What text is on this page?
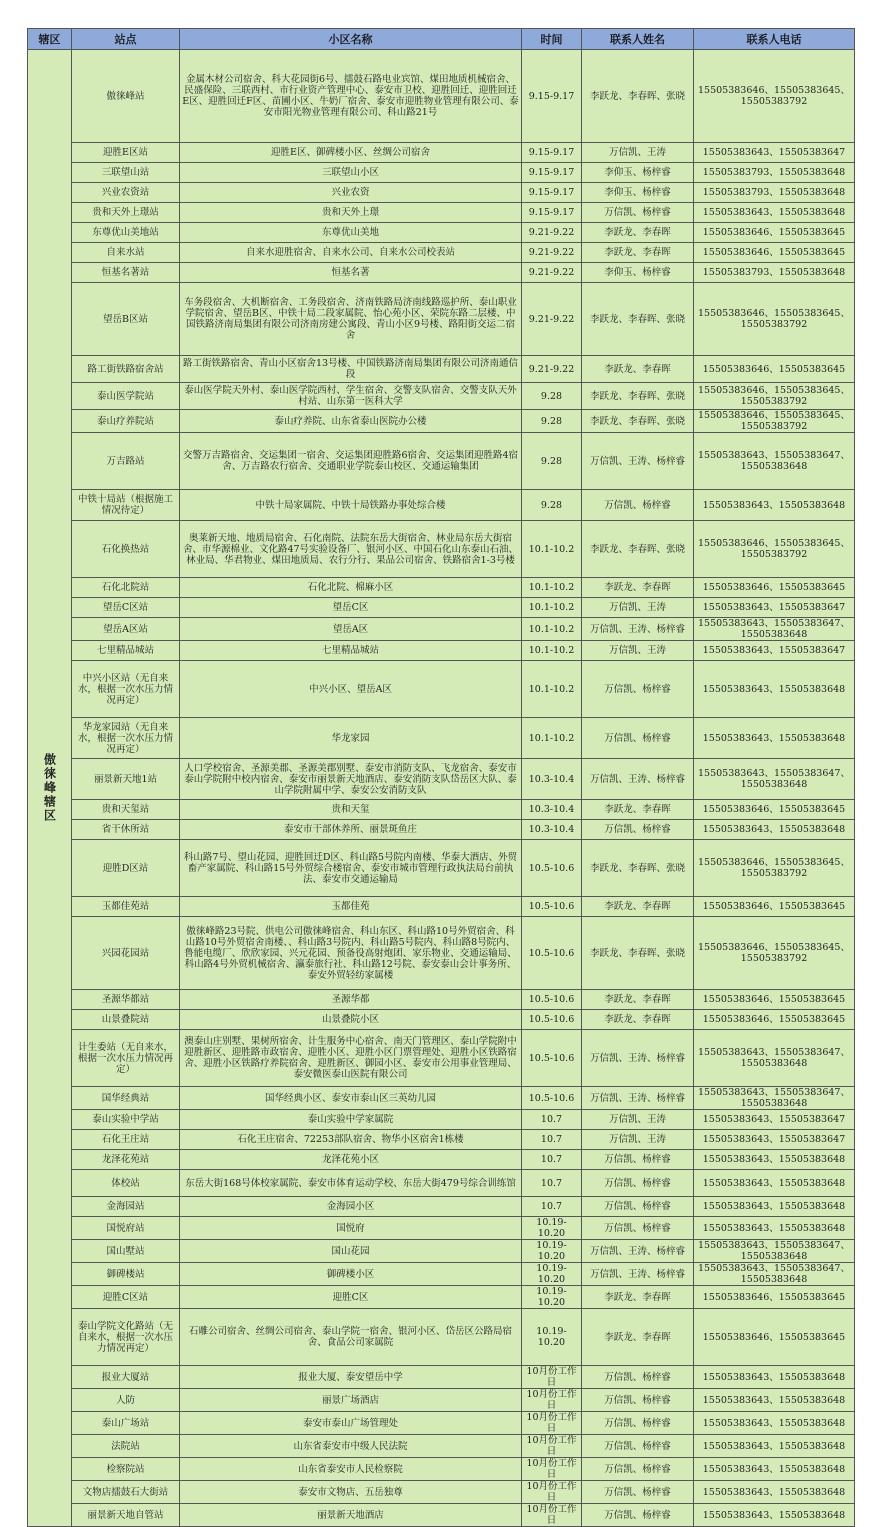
辖区	站点	小区名称	时间	联系人姓名	联系人电话
傲徕峰辖区	傲徕峰站	金属木材公司宿舍、科大花园街6号、擂鼓石路电业宾馆、煤田地质机械宿舍、民盛保险、三联西村、市行业资产管理中心、泰安市卫校、迎胜回迁、迎胜回迁E区、迎胜回迁F区、苗圃小区、牛奶厂宿舍、泰安市迎胜物业管理有限公司、泰安市阳光物业管理有限公司、科山路21号	9.15-9.17	李跃龙、李春晖、张晓	15505383646、15505383645、15505383792
	迎胜E区站	迎胜E区、御碑楼小区、丝绸公司宿舍	9.15-9.17	万信凯、王涛	15505383643、15505383647
	三联望山站	三联望山小区	9.15-9.17	李仰玉、杨梓睿	15505383793、15505383648
	兴业农资站	兴业农资	9.15-9.17	李仰玉、杨梓睿	15505383793、15505383648
	贵和天外上璟站	贵和天外上璟	9.15-9.17	万信凯、杨梓睿	15505383643、15505383648
	东尊优山美地站	东尊优山美地	9.21-9.22	李跃龙、李春晖	15505383646、15505383645
	自来水站	自来水迎胜宿舍、自来水公司、自来水公司校表站	9.21-9.22	李跃龙、李春晖	15505383646、15505383645
	恒基名著站	恒基名著	9.21-9.22	李仰玉、杨梓睿	15505383793、15505383648
	望岳B区站	车务段宿舍、大机断宿舍、工务段宿舍、济南铁路局济南线路巡护所、泰山职业学院宿舍、望岳B区、中铁十局二段家属院、怡心苑小区、荣院东路二层楼、中国铁路济南局集团有限公司济南房建公寓段、青山小区9号楼、路阳街交运二宿舍	9.21-9.22	李跃龙、李春晖、张晓	15505383646、15505383645、15505383792
	路工街铁路宿舍站	路工街铁路宿舍、青山小区宿舍13号楼、中国铁路济南局集团有限公司济南通信段	9.21-9.22	李跃龙、李春晖	15505383646、15505383645
	泰山医学院站	泰山医学院天外村、泰山医学院西村、学生宿舍、交警支队宿舍、交警支队天外村站、山东第一医科大学	9.28	李跃龙、李春晖、张晓	15505383646、15505383645、15505383792
	泰山疗养院站	泰山疗养院、山东省泰山医院办公楼	9.28	李跃龙、李春晖、张晓	15505383646、15505383645、15505383792
	万吉路站	交警万吉路宿舍、交运集团一宿舍、交运集团迎胜路6宿舍、交运集团迎胜路4宿舍、万吉路农行宿舍、交通职业学院泰山校区、交通运输集团	9.28	万信凯、王涛、杨梓睿	15505383643、15505383647、15505383648
	中铁十局站（根据施工情况待定）	中铁十局家属院、中铁十局铁路办事处综合楼	9.28	万信凯、杨梓睿	15505383643、15505383648
	石化换热站	奥莱新天地、地质局宿舍、石化南院、法院东岳大街宿舍、林业局东岳大街宿舍、市华源棉业、文化路47号实验设备厂、银河小区、中国石化山东泰山石油、林业局、华君物业、煤田地质局、农行分行、果品公司宿舍、铁路宿舍1-3号楼	10.1-10.2	李跃龙、李春晖、张晓	15505383646、15505383645、15505383792
	石化北院站	石化北院、棉麻小区	10.1-10.2	李跃龙、李春晖	15505383646、15505383645
	望岳C区站	望岳C区	10.1-10.2	万信凯、王涛	15505383643、15505383647
	望岳A区站	望岳A区	10.1-10.2	万信凯、王涛、杨梓睿	15505383643、15505383647、15505383648
	七里精品城站	七里精品城站	10.1-10.2	万信凯、王涛	15505383643、15505383647
	中兴小区站（无自来水，根据一次水压力情况再定）	中兴小区、望岳A区	10.1-10.2	万信凯、杨梓睿	15505383643、15505383648
	华龙家园站（无自来水，根据一次水压力情况再定）	华龙家园	10.1-10.2	万信凯、杨梓睿	15505383643、15505383648
	丽景新天地1站	人口学校宿舍、圣源美郡、圣源美郡别墅、泰安市消防支队、飞龙宿舍、泰安市泰山学院附中校内宿舍、泰安市丽景新天地酒店、泰安消防支队岱岳区大队、泰山学院附属中学、泰安公安消防支队	10.3-10.4	万信凯、王涛、杨梓睿	15505383643、15505383647、15505383648
	贵和天玺站	贵和天玺	10.3-10.4	李跃龙、李春晖	15505383646、15505383645
	省干休所站	泰安市干部休养所、丽景斑鱼庄	10.3-10.4	万信凯、杨梓睿	15505383643、15505383648
	迎胜D区站	科山路7号、望山花园、迎胜回迁D区、科山路5号院内南楼、华泰大酒店、外贸畜产家属院、科山路15号外贸综合楼宿舍、泰安市城市管理行政执法局台前执法、泰安市交通运输局	10.5-10.6	李跃龙、李春晖、张晓	15505383646、15505383645、15505383792
	玉都佳苑站	玉都佳苑	10.5-10.6	李跃龙、李春晖	15505383646、15505383645
	兴园花园站	傲徕峰路23号院、供电公司傲徕峰宿舍、科山东区、科山路10号外贸宿舍、科山路10号外贸宿舍南楼、、科山路3号院内、科山路5号院内、科山路8号院内、鲁能电缆厂、欣欣家园、兴元花园、预备役高射炮团、家乐物业、交通运输局、科山路4号外贸机械宿舍、瀛泰旅行社、科山路12号院、泰安泰山会计事务所、泰安外贸轻纺家属楼	10.5-10.6	李跃龙、李春晖、张晓	15505383646、15505383645、15505383792
	圣源华都站	圣源华都	10.5-10.6	李跃龙、李春晖	15505383646、15505383645
	山景叠院站	山景叠院小区	10.5-10.6	李跃龙、李春晖	15505383646、15505383645
	计生委站（无自来水，根据一次水压力情况再定）	澳泰山庄别墅、果树所宿舍、计生服务中心宿舍、南天门管理区、泰山学院附中迎胜新区、迎胜路市政宿舍、迎胜小区、迎胜小区门票管理处、迎胜小区铁路宿舍、迎胜小区铁路疗养院宿舍、迎胜新区、御园小区、泰安市公用事业管理局、泰安微医泰山医院有限公司	10.5-10.6	万信凯、王涛、杨梓睿	15505383643、15505383647、15505383648
	国华经典站	国华经典小区、泰安市泰山区三英幼儿园	10.5-10.6	万信凯、王涛、杨梓睿	15505383643、15505383647、15505383648
	泰山实验中学站	泰山实验中学家属院	10.7	万信凯、王涛	15505383643、15505383647
	石化王庄站	石化王庄宿舍、72253部队宿舍、物华小区宿舍1栋楼	10.7	万信凯、王涛	15505383643、15505383647
	龙泽花苑站	龙泽花苑小区	10.7	万信凯、杨梓睿	15505383643、15505383648
	体校站	东岳大街168号体校家属院、泰安市体育运动学校、东岳大街479号综合训练馆	10.7	万信凯、杨梓睿	15505383643、15505383648
	金海园站	金海园小区	10.7	万信凯、杨梓睿	15505383643、15505383648
	国悦府站	国悦府	10.19-10.20	万信凯、杨梓睿	15505383643、15505383648
	国山墅站	国山花园	10.19-10.20	万信凯、王涛、杨梓睿	15505383643、15505383647、15505383648
	御碑楼站	御碑楼小区	10.19-10.20	万信凯、王涛、杨梓睿	15505383643、15505383647、15505383648
	迎胜C区站	迎胜C区	10.19-10.20	李跃龙、李春晖	15505383646、15505383645
	泰山学院文化路站（无自来水，根据一次水压力情况再定）	石雕公司宿舍、丝绸公司宿舍、泰山学院一宿舍、银河小区、岱岳区公路局宿舍、食品公司家属院	10.19-10.20	李跃龙、李春晖	15505383646、15505383645
	报业大厦站	报业大厦、泰安望岳中学	10月份工作日	万信凯、杨梓睿	15505383643、15505383648
	人防	丽景广场酒店	10月份工作日	万信凯、杨梓睿	15505383643、15505383648
	泰山广场站	泰安市泰山广场管理处	10月份工作日	万信凯、杨梓睿	15505383643、15505383648
	法院站	山东省泰安市中级人民法院	10月份工作日	万信凯、杨梓睿	15505383643、15505383648
	检察院站	山东省泰安市人民检察院	10月份工作日	万信凯、杨梓睿	15505383643、15505383648
	文物店擂鼓石大街站	泰安市文物店、五岳独尊	10月份工作日	万信凯、杨梓睿	15505383643、15505383648
	丽景新天地自管站	丽景新天地酒店	10月份工作日	万信凯、杨梓睿	15505383643、15505383648
